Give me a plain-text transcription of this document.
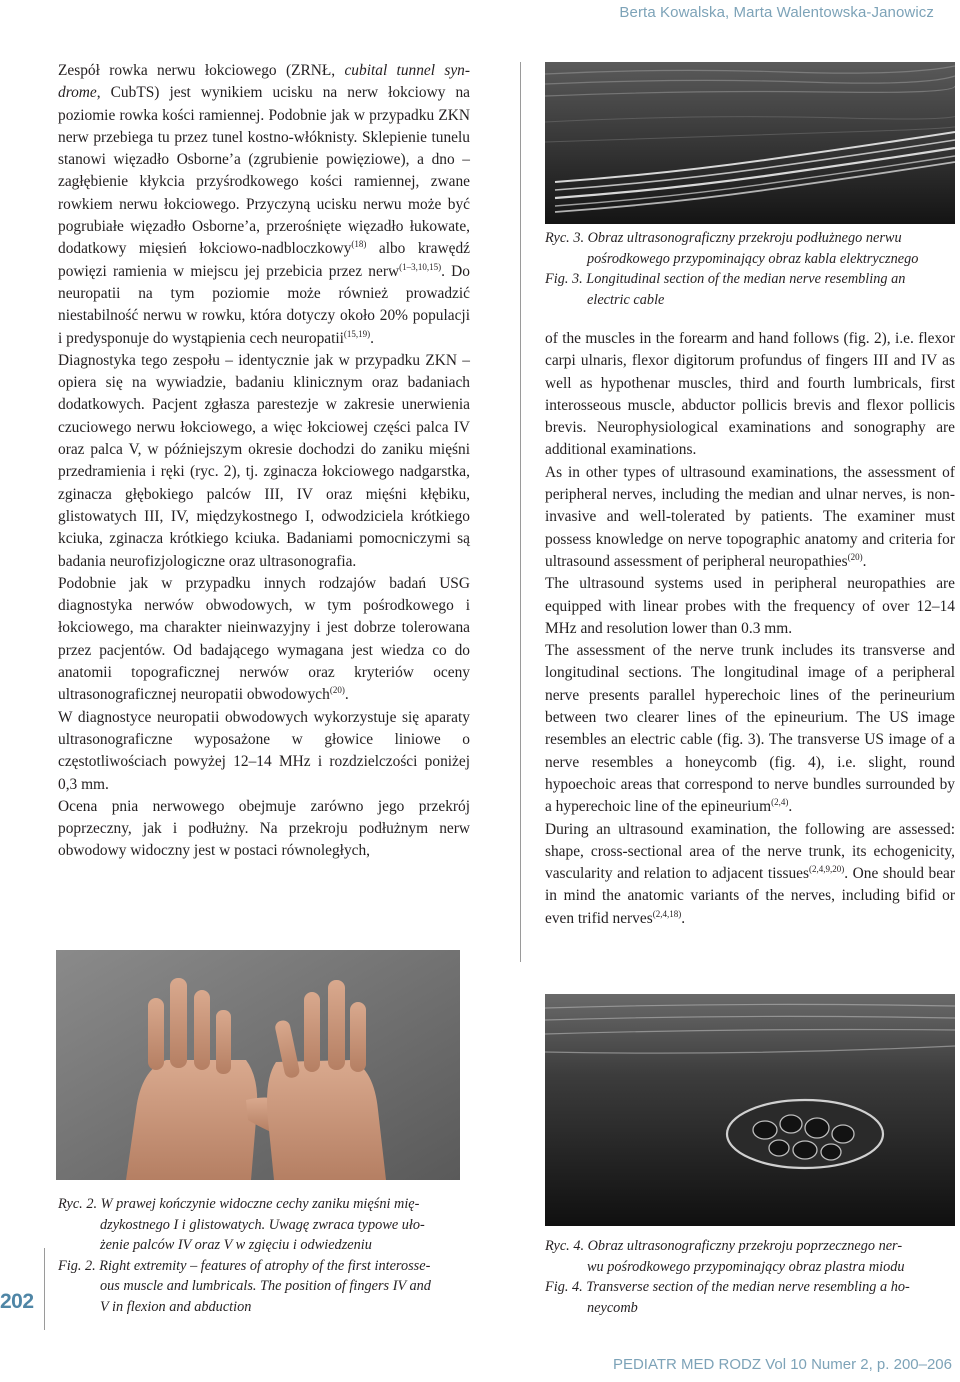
Berta Kowalska, Marta Walentowska-Janowicz

Zespół rowka nerwu łokciowego (ZRNŁ, cubital tunnel syn-drome, CubTS) jest wynikiem ucisku na nerw łokciowy na poziomie rowka kości ramiennej. Podobnie jak w przypadku ZKN nerw przebiega tu przez tunel kostno-włóknisty. Sklepienie tunelu stanowi więzadło Osborne’a (zgrubienie powięziowe), a dno – zagłębienie kłykcia przyśrodkowego kości ramiennej, zwane rowkiem nerwu łokciowego. Przyczyną ucisku nerwu może być pogrubiałe więzadło Osborne’a, przerośnięte więzadło łukowate, dodatkowy mięsień łokciowo-nadbloczkowy$^{(18)}$ albo krawędź powięzi ramienia w miejscu jej przebicia przez nerw$^{(1-3,10,15)}$. Do neuropatii na tym poziomie może również prowadzić niestabilność nerwu w rowku, która dotyczy około 20% populacji i predysponuje do wystąpienia cech neuropatii$^{(15,19)}$.

Diagnostyka tego zespołu – identycznie jak w przypadku ZKN – opiera się na wywiadzie, badaniu klinicznym oraz badaniach dodatkowych. Pacjent zgłasza parestezje w zakresie unerwienia czuciowego nerwu łokciowego, a więc łokciowej części palca IV oraz palca V, w późniejszym okresie dochodzi do zaniku mięśni przedramienia i ręki (ryc. 2), tj. zginacza łokciowego nadgarstka, zginacza głębokiego palców III, IV oraz mięśni kłębiku, glistowatych III, IV, międzykostnego I, odwodziciela krótkiego kciuka, zginacza krótkiego kciuka. Badaniami pomocniczymi są badania neurofizjologiczne oraz ultrasonografia.

Podobnie jak w przypadku innych rodzajów badań USG diagnostyka nerwów obwodowych, w tym pośrodkowego i łokciowego, ma charakter nieinwazyjny i jest dobrze tolerowana przez pacjentów. Od badającego wymagana jest wiedza co do anatomii topograficznej nerwów oraz kryteriów oceny ultrasonograficznej neuropatii obwodowych$^{(20)}$.

W diagnostyce neuropatii obwodowych wykorzystuje się aparaty ultrasonograficzne wyposażone w głowice liniowe o częstotliwościach powyżej 12–14 MHz i rozdzielczości poniżej 0,3 mm.

Ocena pnia nerwowego obejmuje zarówno jego przekrój poprzeczny, jak i podłużny. Na przekroju podłużnym nerw obwodowy widoczny jest w postaci równoległych,

Ryc. 3. Obraz ultrasonograficzny przekroju podłużnego nerwu
pośrodkowego przypominający obraz kabla elektrycznego
Fig. 3. Longitudinal section of the median nerve resembling an
electric cable

of the muscles in the forearm and hand follows (fig. 2), i.e. flexor carpi ulnaris, flexor digitorum profundus of fingers III and IV as well as hypothenar muscles, third and fourth lumbricals, first interosseous muscle, abductor pollicis brevis and flexor pollicis brevis. Neurophysiological examinations and sonography are additional examinations.

As in other types of ultrasound examinations, the assessment of peripheral nerves, including the median and ulnar nerves, is non-invasive and well-tolerated by patients. The examiner must possess knowledge on nerve topographic anatomy and criteria for ultrasound assessment of peripheral neuropathies$^{(20)}$.

The ultrasound systems used in peripheral neuropathies are equipped with linear probes with the frequency of over 12–14 MHz and resolution lower than 0.3 mm.

The assessment of the nerve trunk includes its transverse and longitudinal sections. The longitudinal image of a peripheral nerve presents parallel hyperechoic lines of the perineurium between two clearer lines of the epineurium. The US image resembles an electric cable (fig. 3). The transverse US image of a nerve resembles a honeycomb (fig. 4), i.e. slight, round hypoechoic areas that correspond to nerve bundles surrounded by a hyperechoic line of the epineurium$^{(2,4)}$.

During an ultrasound examination, the following are assessed: shape, cross-sectional area of the nerve trunk, its echogenicity, vascularity and relation to adjacent tissues$^{(2,4,9,20)}$. One should bear in mind the anatomic variants of the nerves, including bifid or even trifid nerves$^{(2,4,18)}$.

Ryc. 2. W prawej kończynie widoczne cechy zaniku mięśni mię-
dzykostnego I i glistowatych. Uwagę zwraca typowe uło-
żenie palców IV oraz V w zgięciu i odwiedzeniu
Fig. 2. Right extremity – features of atrophy of the first interosse-
ous muscle and lumbricals. The position of fingers IV and
V in flexion and abduction
Ryc. 4. Obraz ultrasonograficzny przekroju poprzecznego ner-
wu pośrodkowego przypominający obraz plastra miodu
Fig. 4. Transverse section of the median nerve resembling a ho-
neycomb
202
PEDIATR MED RODZ Vol 10 Numer 2, p. 200–206
